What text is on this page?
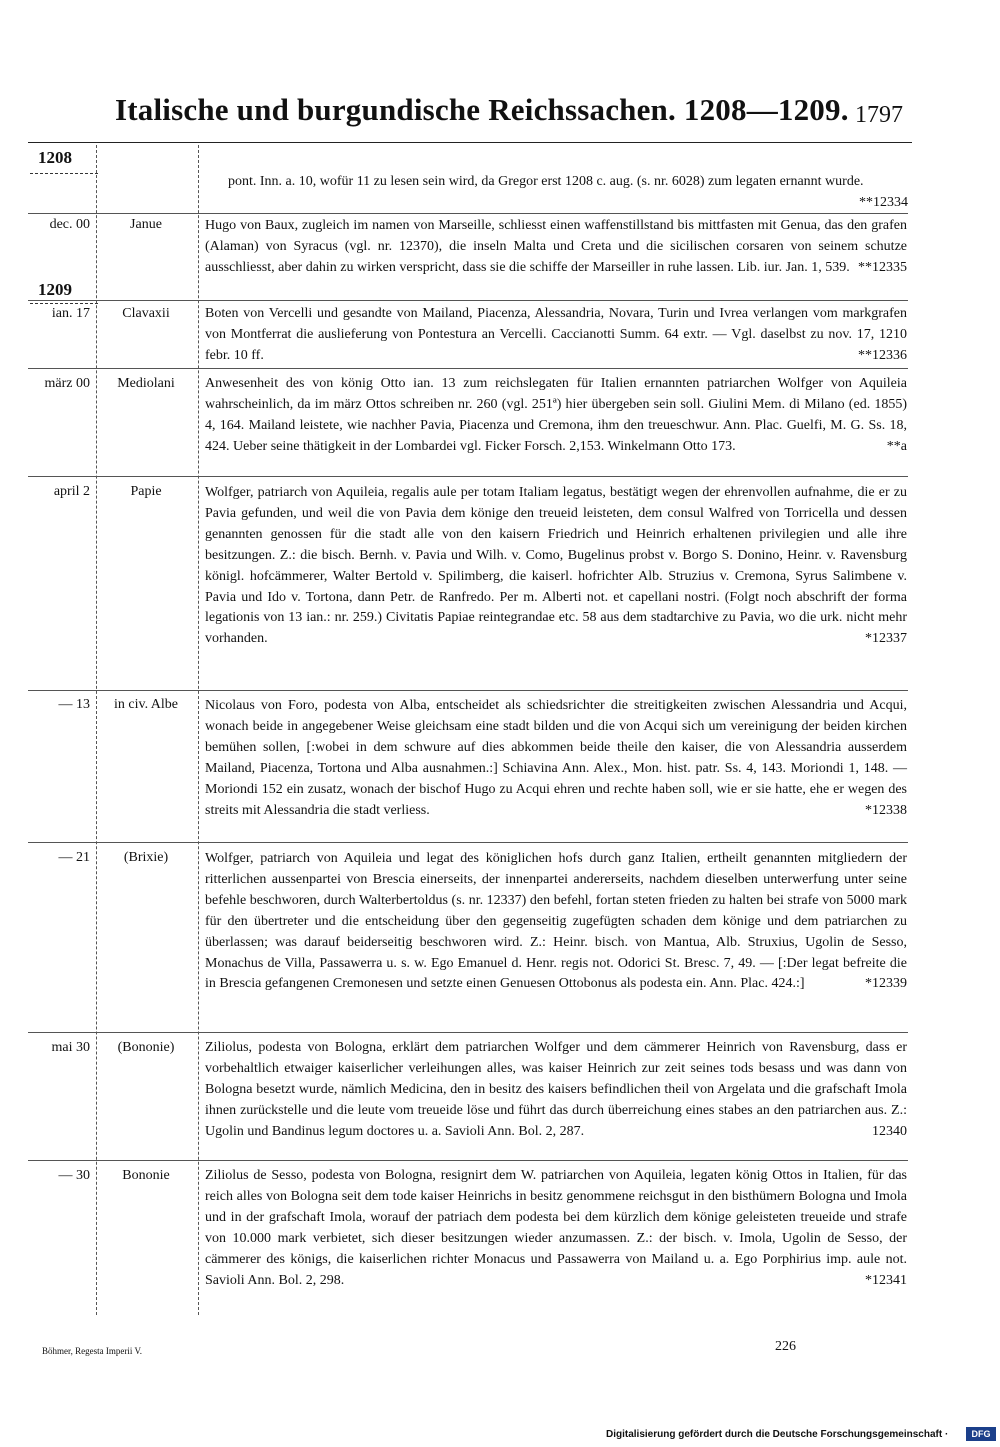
Italische und burgundische Reichssachen. 1208—1209. 1797
1208
1209
pont. Inn. a. 10, wofür 11 zu lesen sein wird, da Gregor erst 1208 c. aug. (s. nr. 6028) zum legaten ernannt wurde.
**12334
dec. 00	Janue	Hugo von Baux, zugleich im namen von Marseille, schliesst einen waffenstillstand bis mittfasten mit Genua, das den grafen (Alaman) von Syracus (vgl. nr. 12370), die inseln Malta und Creta und die sicilischen corsaren von seinem schutze ausschliesst, aber dahin zu wirken verspricht, dass sie die schiffe der Marseiller in ruhe lassen. Lib. iur. Jan. 1, 539. **12335
ian. 17	Clavaxii	Boten von Vercelli und gesandte von Mailand, Piacenza, Alessandria, Novara, Turin und Ivrea verlangen vom markgrafen von Montferrat die auslieferung von Pontestura an Vercelli. Caccianotti Summ. 64 extr. — Vgl. daselbst zu nov. 17, 1210 febr. 10 ff.	**12336
märz 00	Mediolani	Anwesenheit des von könig Otto ian. 13 zum reichslegaten für Italien ernannten patriarchen Wolfger von Aquileia wahrscheinlich, da im märz Ottos schreiben nr. 260 (vgl. 251ª) hier übergeben sein soll. Giulini Mem. di Milano (ed. 1855) 4, 164. Mailand leistete, wie nachher Pavia, Piacenza und Cremona, ihm den treueschwur. Ann. Plac. Guelfi, M. G. Ss. 18, 424. Ueber seine thätigkeit in der Lombardei vgl. Ficker Forsch. 2,153. Winkelmann Otto 173.	**a
april 2	Papie	Wolfger, patriarch von Aquileia, regalis aule per totam Italiam legatus, bestätigt wegen der ehrenvollen aufnahme, die er zu Pavia gefunden, und weil die von Pavia dem könige den treueid leisteten, dem consul Walfred von Torricella und dessen genannten genossen für die stadt alle von den kaisern Friedrich und Heinrich erhaltenen privilegien und alle ihre besitzungen. Z.: die bisch. Bernh. v. Pavia und Wilh. v. Como, Bugelinus probst v. Borgo S. Donino, Heinr. v. Ravensburg königl. hofcämmerer, Walter Bertold v. Spilimberg, die kaiserl. hofrichter Alb. Struzius v. Cremona, Syrus Salimbene v. Pavia und Ido v. Tortona, dann Petr. de Ranfredo. Per m. Alberti not. et capellani nostri. (Folgt noch abschrift der forma legationis von 13 ian.: nr. 259.) Civitatis Papiae reintegrandae etc. 58 aus dem stadtarchive zu Pavia, wo die urk. nicht mehr vorhanden.	*12337
— 13	in civ. Albe	Nicolaus von Foro, podesta von Alba, entscheidet als schiedsrichter die streitigkeiten zwischen Alessandria und Acqui, wonach beide in angegebener Weise gleichsam eine stadt bilden und die von Acqui sich um vereinigung der beiden kirchen bemühen sollen, [:wobei in dem schwure auf dies abkommen beide theile den kaiser, die von Alessandria ausserdem Mailand, Piacenza, Tortona und Alba ausnahmen.:] Schiavina Ann. Alex., Mon. hist. patr. Ss. 4, 143. Moriondi 1, 148. — Moriondi 152 ein zusatz, wonach der bischof Hugo zu Acqui ehren und rechte haben soll, wie er sie hatte, ehe er wegen des streits mit Alessandria die stadt verliess.	*12338
— 21	(Brixie)	Wolfger, patriarch von Aquileia und legat des königlichen hofs durch ganz Italien, ertheilt genannten mitgliedern der ritterlichen aussenpartei von Brescia einerseits, der innenpartei andererseits, nachdem dieselben unterwerfung unter seine befehle beschworen, durch Walterbertoldus (s. nr. 12337) den befehl, fortan steten frieden zu halten bei strafe von 5000 mark für den übertreter und die entscheidung über den gegenseitig zugefügten schaden dem könige und dem patriarchen zu überlassen; was darauf beiderseitig beschworen wird. Z.: Heinr. bisch. von Mantua, Alb. Struxius, Ugolin de Sesso, Monachus de Villa, Passawerra u. s. w. Ego Emanuel d. Henr. regis not. Odorici St. Bresc. 7, 49. — [:Der legat befreite die in Brescia gefangenen Cremonesen und setzte einen Genuesen Ottobonus als podesta ein. Ann. Plac. 424.:]	*12339
mai 30	(Bononie)	Ziliolus, podesta von Bologna, erklärt dem patriarchen Wolfger und dem cämmerer Heinrich von Ravensburg, dass er vorbehaltlich etwaiger kaiserlicher verleihungen alles, was kaiser Heinrich zur zeit seines tods besass und was dann von Bologna besetzt wurde, nämlich Medicina, den in besitz des kaisers befindlichen theil von Argelata und die grafschaft Imola ihnen zurückstelle und die leute vom treueide löse und führt das durch überreichung eines stabes an den patriarchen aus. Z.: Ugolin und Bandinus legum doctores u. a. Savioli Ann. Bol. 2, 287.	12340
— 30	Bononie	Ziliolus de Sesso, podesta von Bologna, resignirt dem W. patriarchen von Aquileia, legaten könig Ottos in Italien, für das reich alles von Bologna seit dem tode kaiser Heinrichs in besitz genommene reichsgut in den bisthümern Bologna und Imola und in der grafschaft Imola, worauf der patriach dem podesta bei dem kürzlich dem könige geleisteten treueide und strafe von 10.000 mark verbietet, sich dieser besitzungen wieder anzumassen. Z.: der bisch. v. Imola, Ugolin de Sesso, der cämmerer des königs, die kaiserlichen richter Monacus und Passawerra von Mailand u. a. Ego Porphirius imp. aule not. Savioli Ann. Bol. 2, 298.	*12341
Böhmer, Regesta Imperii V.	226
Digitalisierung gefördert durch die Deutsche Forschungsgemeinschaft ·	DFG
